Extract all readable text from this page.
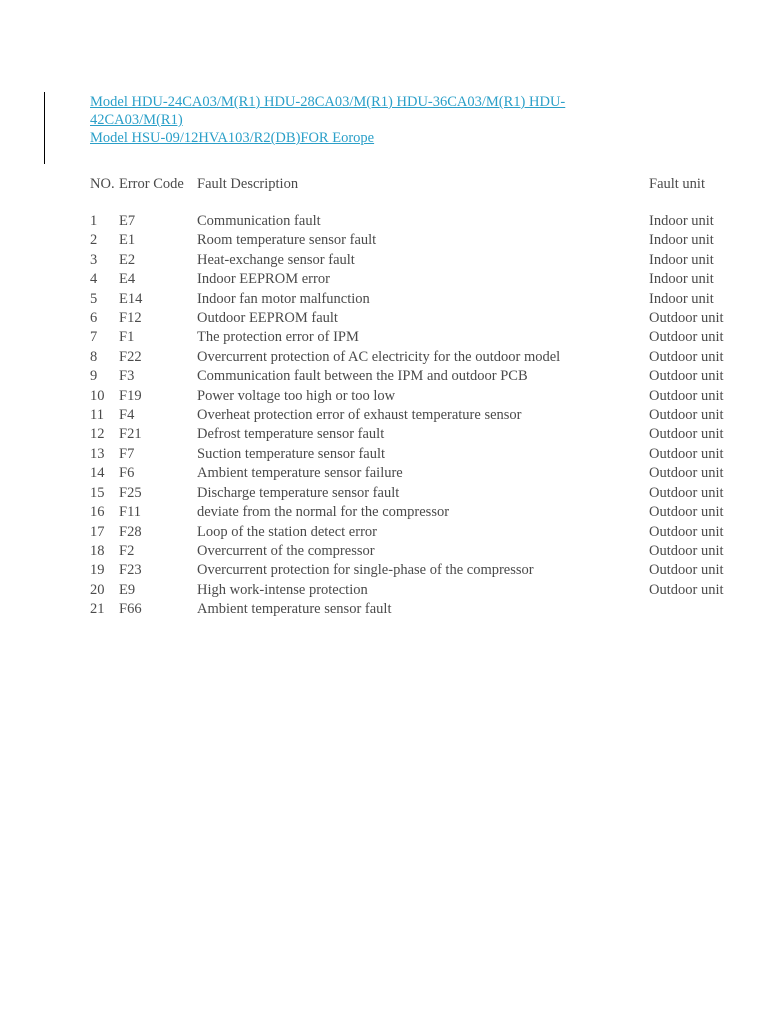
Model HDU-24CA03/M(R1) HDU-28CA03/M(R1) HDU-36CA03/M(R1) HDU-
42CA03/M(R1)
Model HSU-09/12HVA103/R2(DB)FOR Eorope
NO.	Error Code	Fault Description	Fault unit

1	E7	Communication fault	Indoor unit
2	E1	Room temperature sensor fault	Indoor unit
3	E2	Heat-exchange sensor fault	Indoor unit
4	E4	Indoor EEPROM error	Indoor unit
5	E14	Indoor fan motor malfunction	Indoor unit
6	F12	Outdoor EEPROM fault	Outdoor unit
7	F1	The protection error of IPM	Outdoor unit
8	F22	Overcurrent protection of AC electricity for the outdoor model	Outdoor unit
9	F3	Communication fault between the IPM and outdoor PCB	Outdoor unit
10	F19	Power voltage too high or too low	Outdoor unit
11	F4	Overheat protection error of exhaust temperature sensor	Outdoor unit
12	F21	Defrost temperature sensor fault	Outdoor unit
13	F7	Suction temperature sensor fault	Outdoor unit
14	F6	Ambient temperature sensor failure	Outdoor unit
15	F25	Discharge temperature sensor fault	Outdoor unit
16	F11	deviate from the normal for the compressor	Outdoor unit
17	F28	Loop of the station detect error	Outdoor unit
18	F2	Overcurrent of the compressor	Outdoor unit
19	F23	Overcurrent protection for single-phase of the compressor	Outdoor unit
20	E9	High work-intense protection	Outdoor unit
21	F66	Ambient temperature sensor fault	
